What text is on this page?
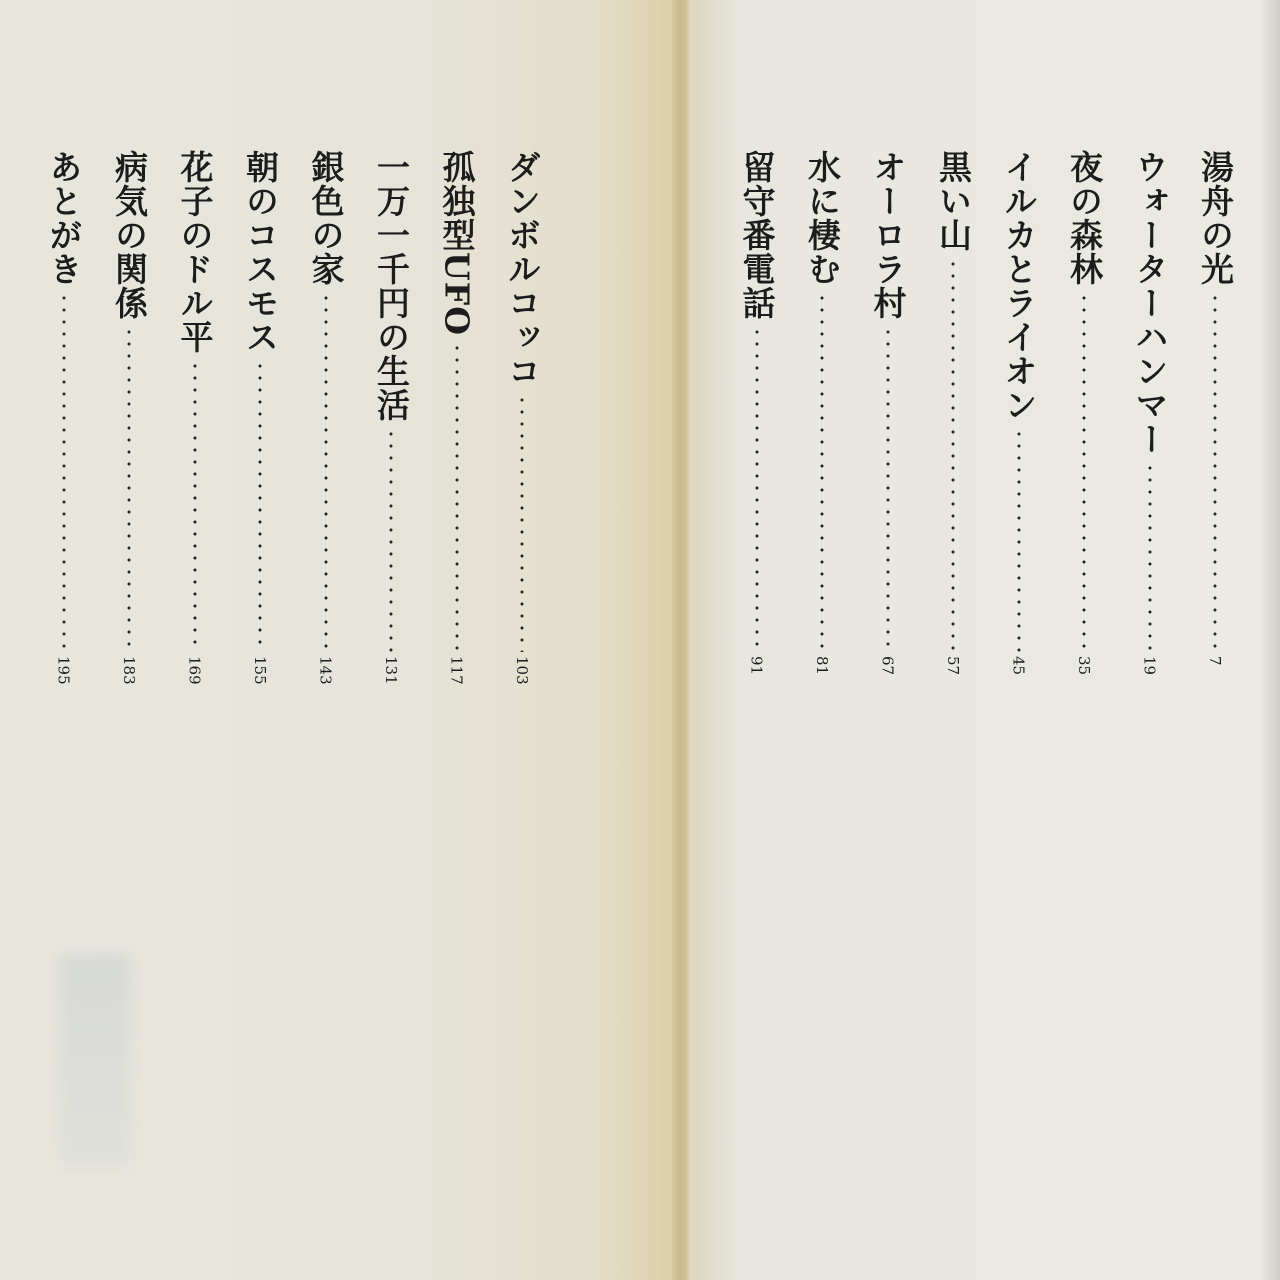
ダンボルコッコ
103
孤独型UFO
117
一万一千円の生活
131
銀色の家
143
朝のコスモス
155
花子のドル平
169
病気の関係
183
あとがき
195
湯舟の光
7
ウォーターハンマー
19
夜の森林
35
イルカとライオン
45
黒い山
57
オーロラ村
67
水に棲む
81
留守番電話
91
